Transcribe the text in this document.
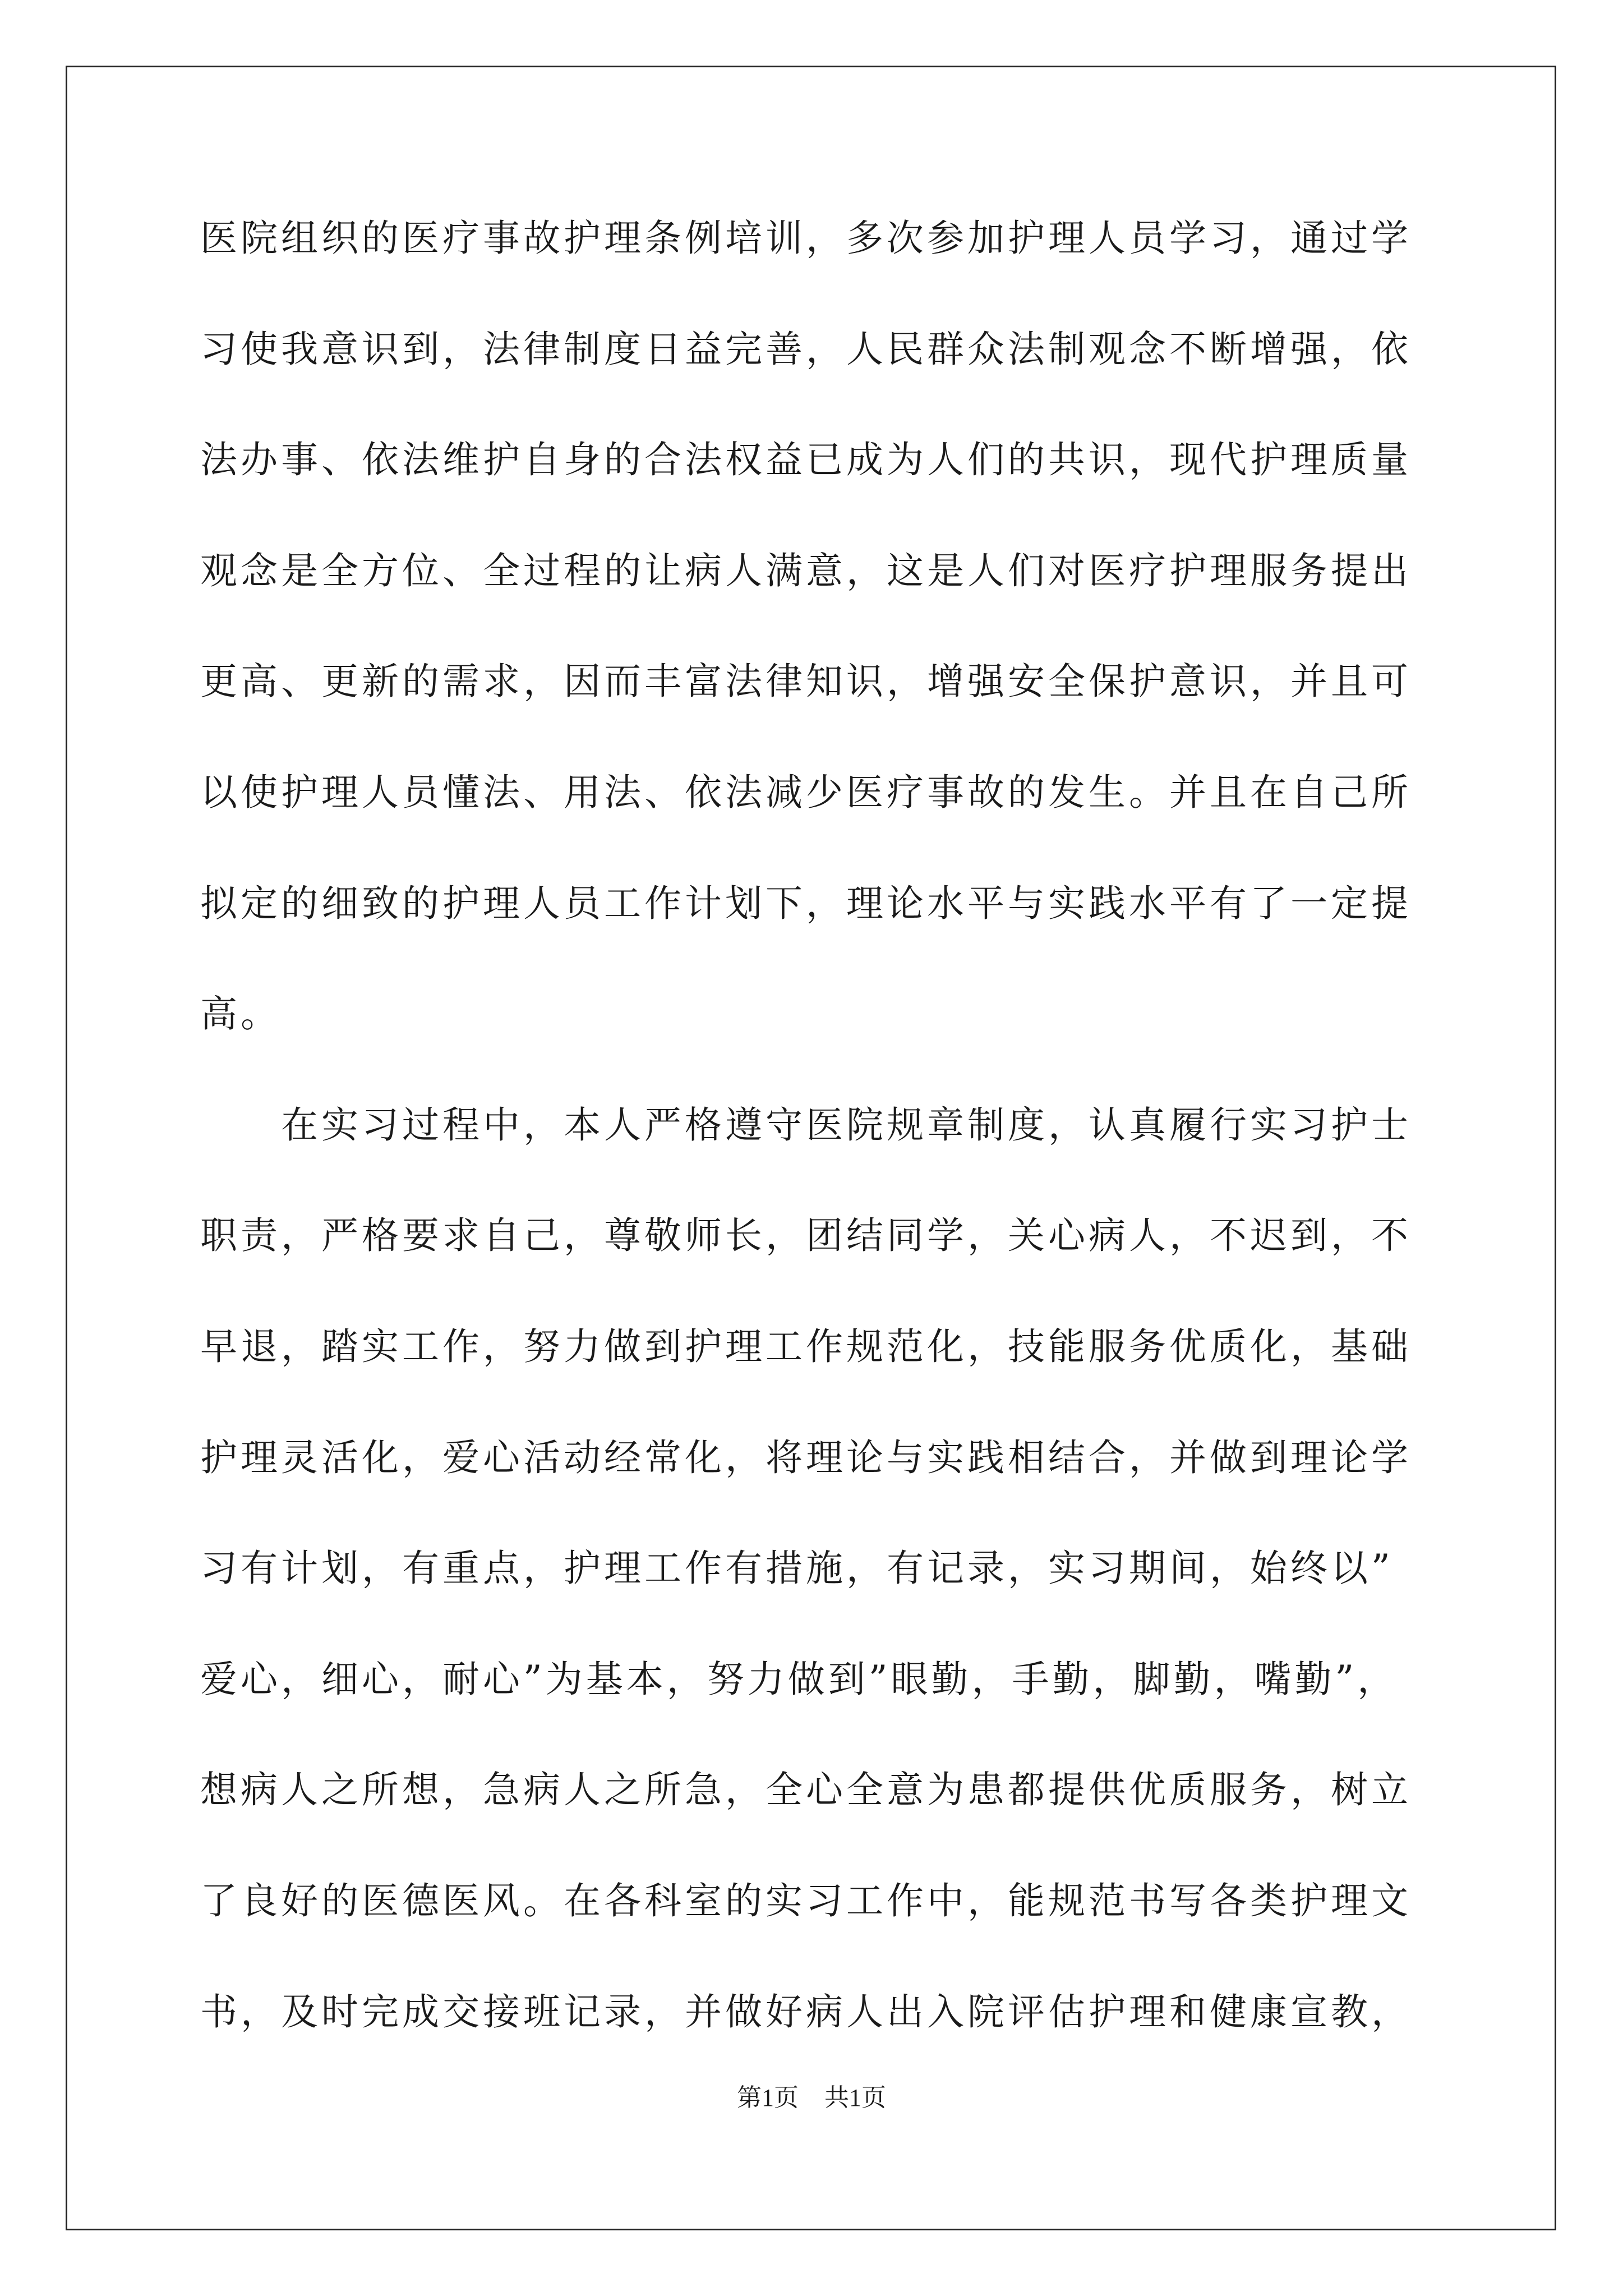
医院组织的医疗事故护理条例培训，多次参加护理人员学习，通过学
习使我意识到，法律制度日益完善，人民群众法制观念不断增强，依
法办事、依法维护自身的合法权益已成为人们的共识，现代护理质量
观念是全方位、全过程的让病人满意，这是人们对医疗护理服务提出
更高、更新的需求，因而丰富法律知识，增强安全保护意识，并且可
以使护理人员懂法、用法、依法减少医疗事故的发生。并且在自己所
拟定的细致的护理人员工作计划下，理论水平与实践水平有了一定提
高。
　　在实习过程中，本人严格遵守医院规章制度，认真履行实习护士
职责，严格要求自己，尊敬师长，团结同学，关心病人，不迟到，不
早退，踏实工作，努力做到护理工作规范化，技能服务优质化，基础
护理灵活化，爱心活动经常化，将理论与实践相结合，并做到理论学
习有计划，有重点，护理工作有措施，有记录，实习期间，始终以”
爱心，细心，耐心”为基本，努力做到”眼勤，手勤，脚勤，嘴勤”，
想病人之所想，急病人之所急，全心全意为患都提供优质服务，树立
了良好的医德医风。在各科室的实习工作中，能规范书写各类护理文
书，及时完成交接班记录，并做好病人出入院评估护理和健康宣教，
第1页 共1页
